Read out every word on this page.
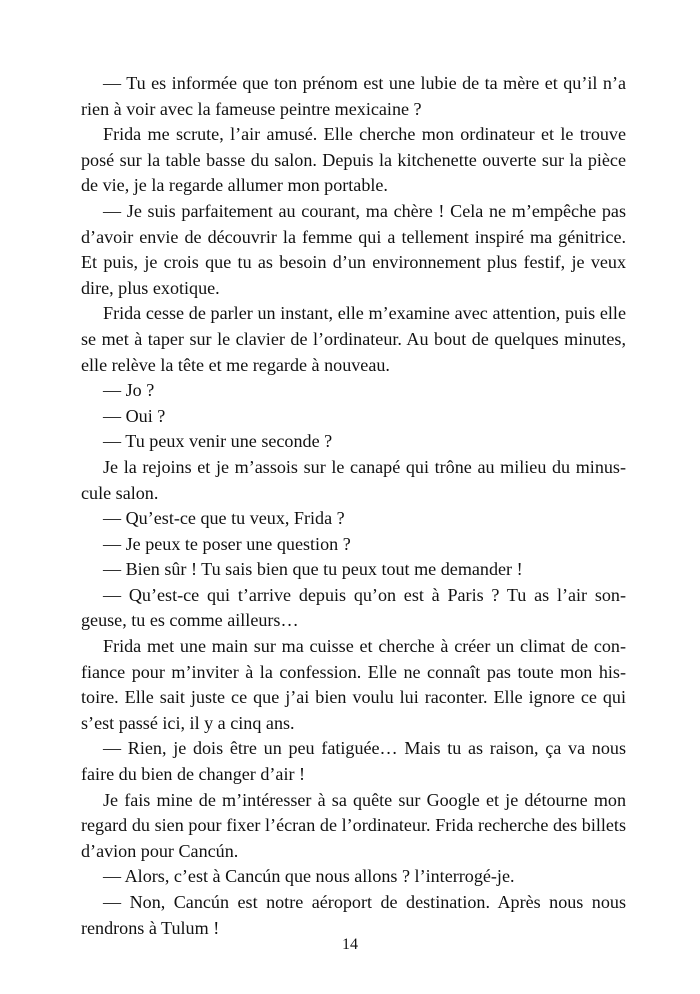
— Tu es informée que ton prénom est une lubie de ta mère et qu’il n’a
rien à voir avec la fameuse peintre mexicaine ?
Frida me scrute, l’air amusé. Elle cherche mon ordinateur et le trouve
posé sur la table basse du salon. Depuis la kitchenette ouverte sur la pièce
de vie, je la regarde allumer mon portable.
— Je suis parfaitement au courant, ma chère ! Cela ne m’empêche pas
d’avoir envie de découvrir la femme qui a tellement inspiré ma génitrice.
Et puis, je crois que tu as besoin d’un environnement plus festif, je veux
dire, plus exotique.
Frida cesse de parler un instant, elle m’examine avec attention, puis elle
se met à taper sur le clavier de l’ordinateur. Au bout de quelques minutes,
elle relève la tête et me regarde à nouveau.
— Jo ?
— Oui ?
— Tu peux venir une seconde ?
Je la rejoins et je m’assois sur le canapé qui trône au milieu du minus-
cule salon.
— Qu’est-ce que tu veux, Frida ?
— Je peux te poser une question ?
— Bien sûr ! Tu sais bien que tu peux tout me demander !
— Qu’est-ce qui t’arrive depuis qu’on est à Paris ? Tu as l’air son-
geuse, tu es comme ailleurs…
Frida met une main sur ma cuisse et cherche à créer un climat de con-
fiance pour m’inviter à la confession. Elle ne connaît pas toute mon his-
toire. Elle sait juste ce que j’ai bien voulu lui raconter. Elle ignore ce qui
s’est passé ici, il y a cinq ans.
— Rien, je dois être un peu fatiguée… Mais tu as raison, ça va nous
faire du bien de changer d’air !
Je fais mine de m’intéresser à sa quête sur Google et je détourne mon
regard du sien pour fixer l’écran de l’ordinateur. Frida recherche des billets
d’avion pour Cancún.
— Alors, c’est à Cancún que nous allons ? l’interrogé-je.
— Non, Cancún est notre aéroport de destination. Après nous nous
rendrons à Tulum !
14
